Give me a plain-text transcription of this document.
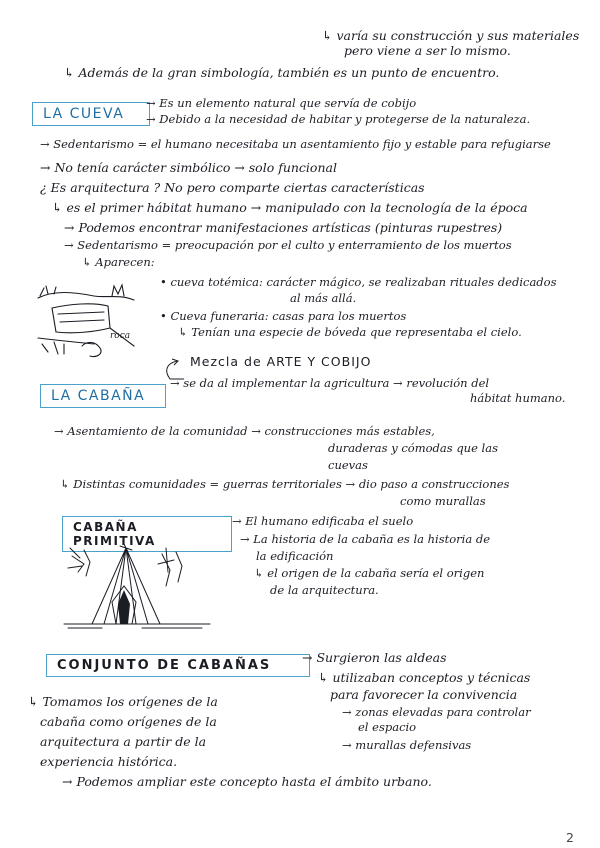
↳ varía su construcción y sus materiales
pero viene a ser lo mismo.
↳ Además de la gran simbología, también es un punto de encuentro.
LA CUEVA
→ Es un elemento natural que servía de cobijo
→ Debido a la necesidad de habitar y protegerse de la naturaleza.
→ Sedentarismo = el humano necesitaba un asentamiento fijo y estable para refugiarse
→ No tenía carácter simbólico → solo funcional
¿ Es arquitectura ? No pero comparte ciertas características
↳ es el primer hábitat humano → manipulado con la tecnología de la época
→ Podemos encontrar manifestaciones artísticas (pinturas rupestres)
→ Sedentarismo = preocupación por el culto y enterramiento de los muertos
↳ Aparecen:
• cueva totémica: carácter mágico, se realizaban rituales dedicados
al más allá.
• Cueva funeraria: casas para los muertos
↳ Tenían una especie de bóveda que representaba el cielo.
roca
Mezcla de ARTE Y COBIJO
LA CABAÑA
→ se da al implementar la agricultura → revolución del
hábitat humano.
→ Asentamiento de la comunidad → construcciones más estables,
duraderas y cómodas que las
cuevas
↳ Distintas comunidades = guerras territoriales → dio paso a construcciones
como murallas
CABAÑA PRIMITIVA
→ El humano edificaba el suelo
→ La historia de la cabaña es la historia de
la edificación
↳ el origen de la cabaña sería el origen
de la arquitectura.
CONJUNTO DE CABAÑAS
→ Surgieron las aldeas
↳ utilizaban conceptos y técnicas
para favorecer la convivencia
→ zonas elevadas para controlar
el espacio
→ murallas defensivas
↳ Tomamos los orígenes de la
cabaña como orígenes de la
arquitectura a partir de la
experiencia histórica.
→ Podemos ampliar este concepto hasta el ámbito urbano.
2
